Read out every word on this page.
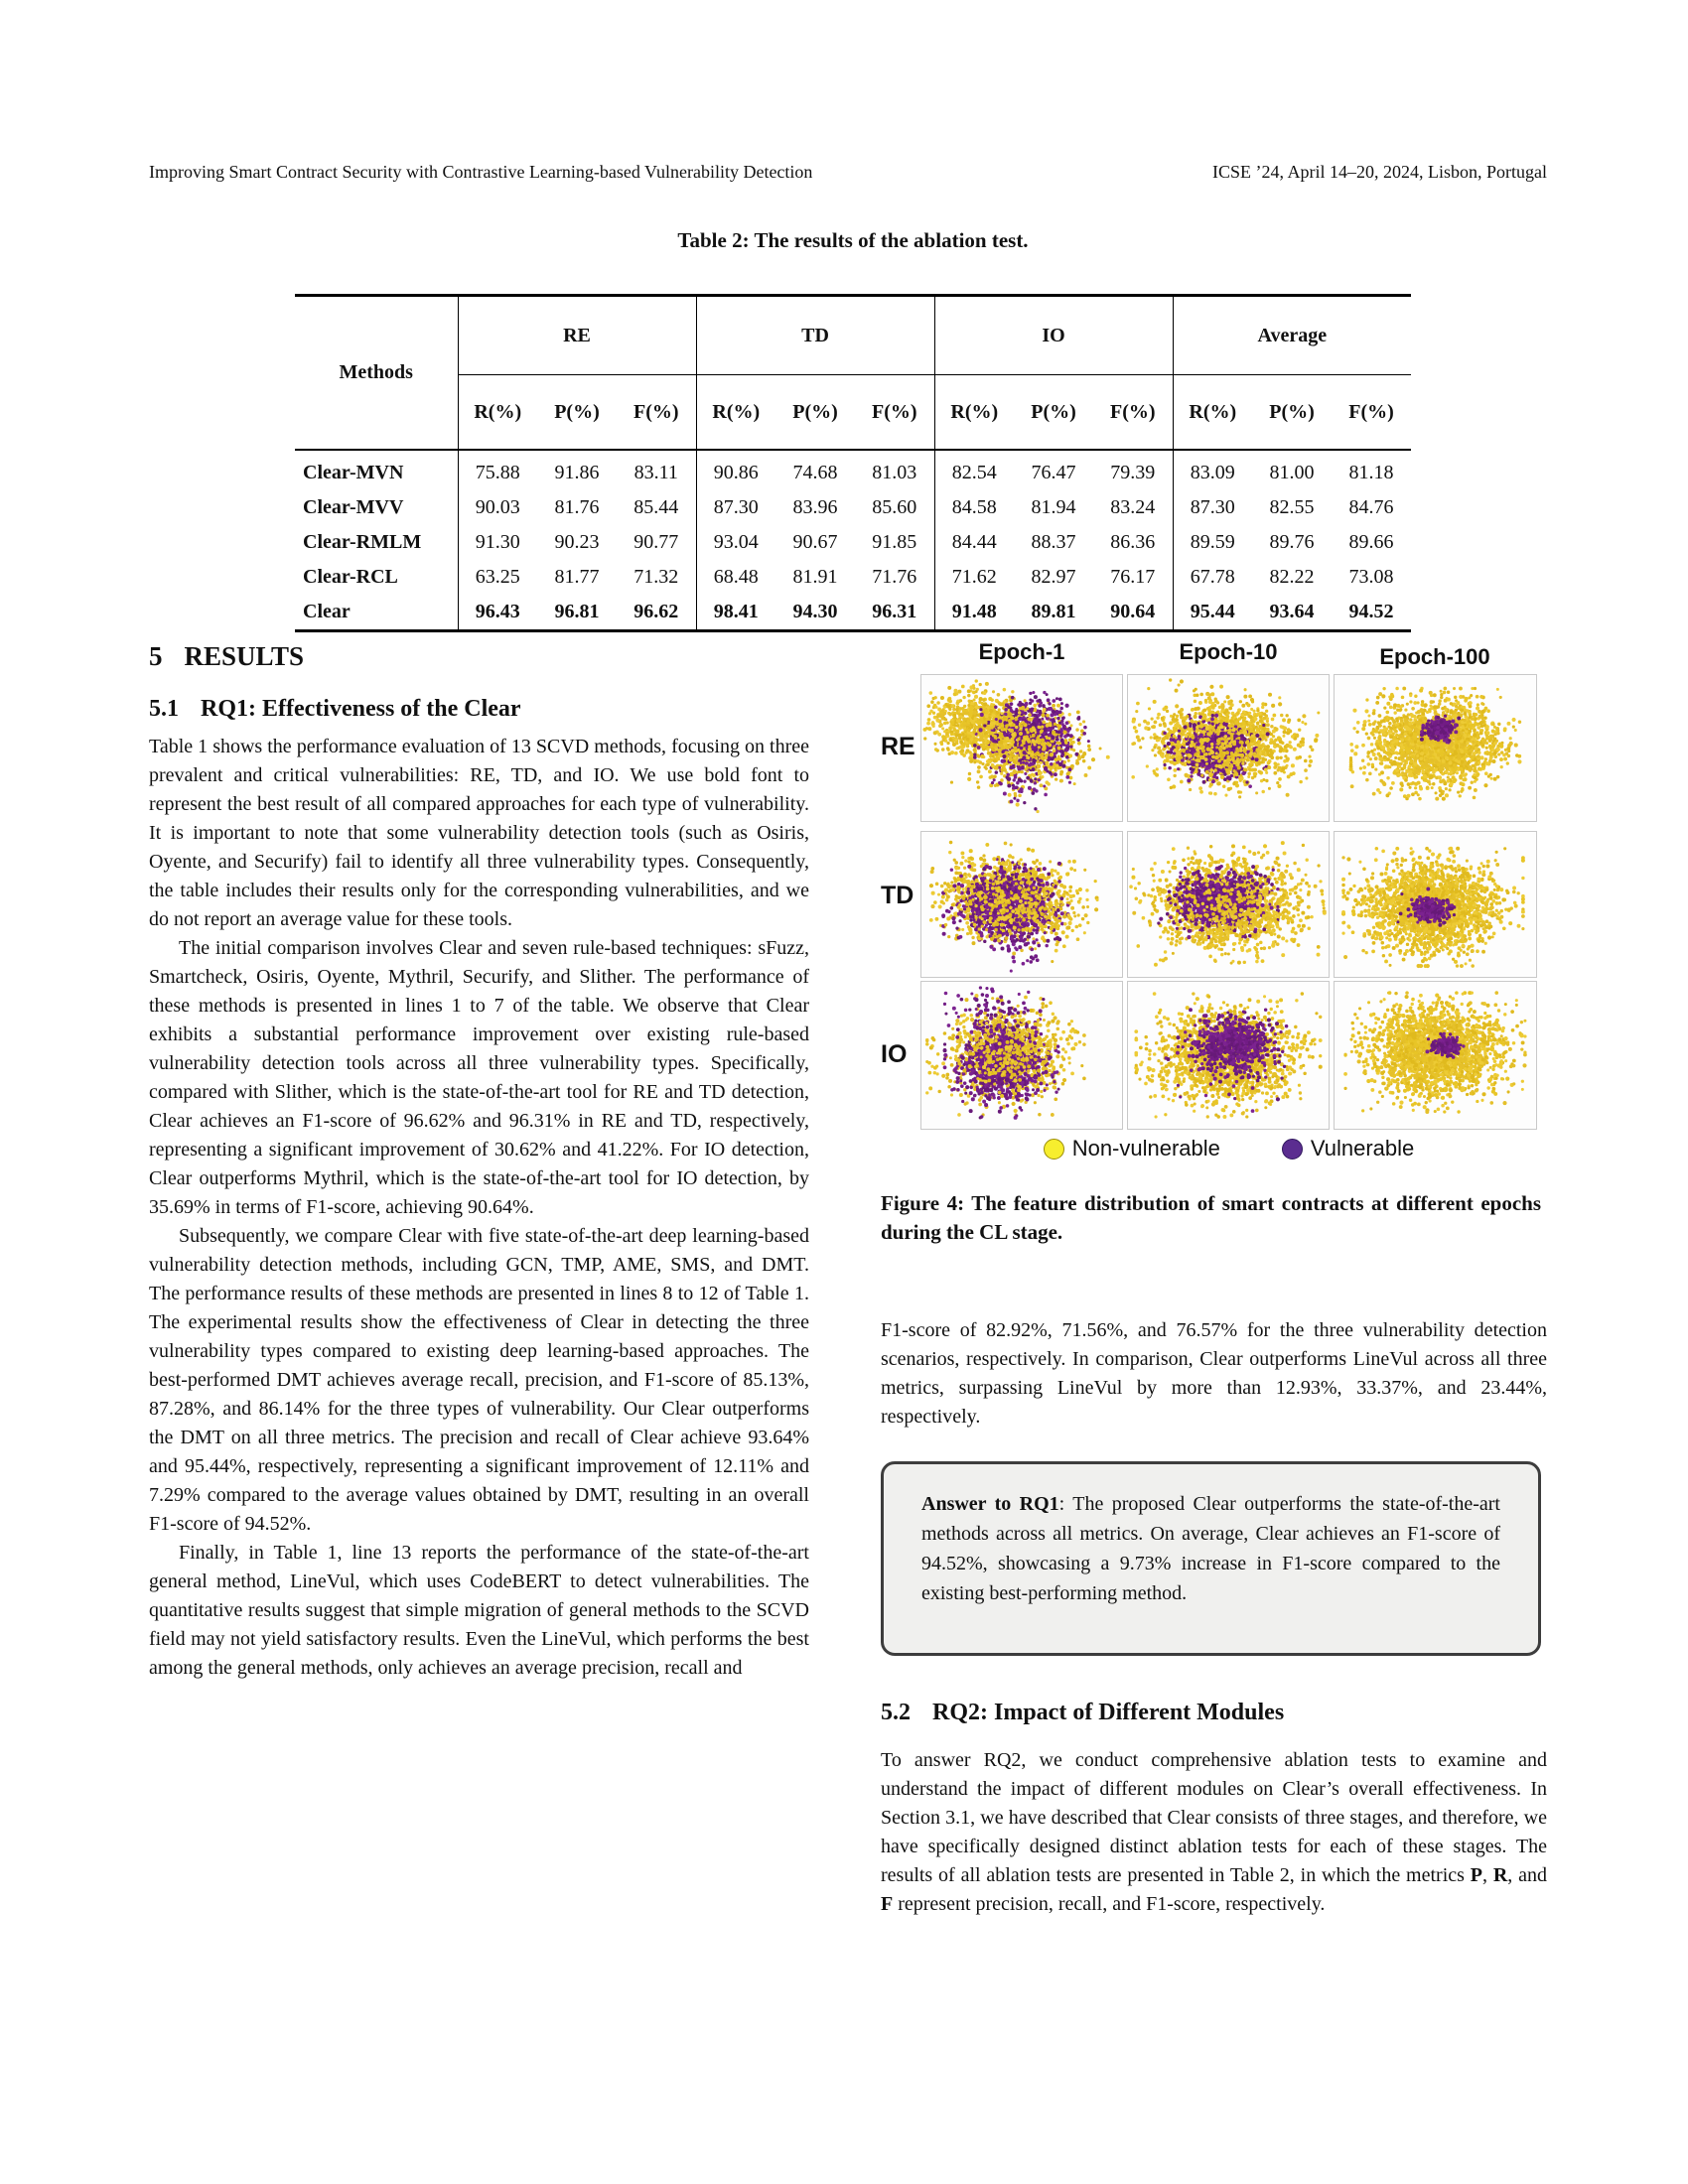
Improving Smart Contract Security with Contrastive Learning-based Vulnerability Detection	ICSE ’24, April 14–20, 2024, Lisbon, Portugal
Table 2: The results of the ablation test.
Methods	RE			TD			IO			Average		
	R(%)	P(%)	F(%)	R(%)	P(%)	F(%)	R(%)	P(%)	F(%)	R(%)	P(%)	F(%)
Clear-MVN	75.88	91.86	83.11	90.86	74.68	81.03	82.54	76.47	79.39	83.09	81.00	81.18
Clear-MVV	90.03	81.76	85.44	87.30	83.96	85.60	84.58	81.94	83.24	87.30	82.55	84.76
Clear-RMLM	91.30	90.23	90.77	93.04	90.67	91.85	84.44	88.37	86.36	89.59	89.76	89.66
Clear-RCL	63.25	81.77	71.32	68.48	81.91	71.76	71.62	82.97	76.17	67.78	82.22	73.08
Clear	96.43	96.81	96.62	98.41	94.30	96.31	91.48	89.81	90.64	95.44	93.64	94.52
5 RESULTS
5.1 RQ1: Effectiveness of the Clear

Table 1 shows the performance evaluation of 13 SCVD methods, focusing on three prevalent and critical vulnerabilities: RE, TD, and IO. We use bold font to represent the best result of all compared approaches for each type of vulnerability. It is important to note that some vulnerability detection tools (such as Osiris, Oyente, and Securify) fail to identify all three vulnerability types. Consequently, the table includes their results only for the corresponding vulnerabilities, and we do not report an average value for these tools.

The initial comparison involves Clear and seven rule-based techniques: sFuzz, Smartcheck, Osiris, Oyente, Mythril, Securify, and Slither. The performance of these methods is presented in lines 1 to 7 of the table. We observe that Clear exhibits a substantial performance improvement over existing rule-based vulnerability detection tools across all three vulnerability types. Specifically, compared with Slither, which is the state-of-the-art tool for RE and TD detection, Clear achieves an F1-score of 96.62% and 96.31% in RE and TD, respectively, representing a significant improvement of 30.62% and 41.22%. For IO detection, Clear outperforms Mythril, which is the state-of-the-art tool for IO detection, by 35.69% in terms of F1-score, achieving 90.64%.

Subsequently, we compare Clear with five state-of-the-art deep learning-based vulnerability detection methods, including GCN, TMP, AME, SMS, and DMT. The performance results of these methods are presented in lines 8 to 12 of Table 1. The experimental results show the effectiveness of Clear in detecting the three vulnerability types compared to existing deep learning-based approaches. The best-performed DMT achieves average recall, precision, and F1-score of 85.13%, 87.28%, and 86.14% for the three types of vulnerability. Our Clear outperforms the DMT on all three metrics. The precision and recall of Clear achieve 93.64% and 95.44%, respectively, representing a significant improvement of 12.11% and 7.29% compared to the average values obtained by DMT, resulting in an overall F1-score of 94.52%.

Finally, in Table 1, line 13 reports the performance of the state-of-the-art general method, LineVul, which uses CodeBERT to detect vulnerabilities. The quantitative results suggest that simple migration of general methods to the SCVD field may not yield satisfactory results. Even the LineVul, which performs the best among the general methods, only achieves an average precision, recall and

Epoch-1	Epoch-10	Epoch-100
RE
TD
IO
Non-vulnerable	Vulnerable
Figure 4: The feature distribution of smart contracts at different epochs during the CL stage.

F1-score of 82.92%, 71.56%, and 76.57% for the three vulnerability detection scenarios, respectively. In comparison, Clear outperforms LineVul across all three metrics, surpassing LineVul by more than 12.93%, 33.37%, and 23.44%, respectively.

Answer to RQ1: The proposed Clear outperforms the state-of-the-art methods across all metrics. On average, Clear achieves an F1-score of 94.52%, showcasing a 9.73% increase in F1-score compared to the existing best-performing method.
5.2 RQ2: Impact of Different Modules

To answer RQ2, we conduct comprehensive ablation tests to examine and understand the impact of different modules on Clear’s overall effectiveness. In Section 3.1, we have described that Clear consists of three stages, and therefore, we have specifically designed distinct ablation tests for each of these stages. The results of all ablation tests are presented in Table 2, in which the metrics P, R, and F represent precision, recall, and F1-score, respectively.
